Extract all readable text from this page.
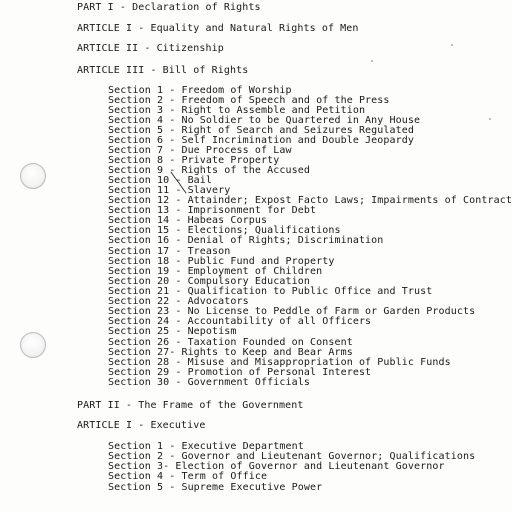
PART I - Declaration of Rights
ARTICLE I - Equality and Natural Rights of Men
ARTICLE II - Citizenship
ARTICLE III - Bill of Rights
Section 1 - Freedom of Worship
Section 2 - Freedom of Speech and of the Press
Section 3 - Right to Assemble and Petition
Section 4 - No Soldier to be Quartered in Any House
Section 5 - Right of Search and Seizures Regulated
Section 6 - Self Incrimination and Double Jeopardy
Section 7 - Due Process of Law
Section 8 - Private Property
Section 9 - Rights of the Accused
Section 10 - Bail
Section 11 - Slavery
Section 12 - Attainder; Expost Facto Laws; Impairments of Contract
Section 13 - Imprisonment for Debt
Section 14 - Habeas Corpus
Section 15 - Elections; Qualifications
Section 16 - Denial of Rights; Discrimination
Section 17 - Treason
Section 18 - Public Fund and Property
Section 19 - Employment of Children
Section 20 - Compulsory Education
Section 21 - Qualification to Public Office and Trust
Section 22 - Advocators
Section 23 - No License to Peddle of Farm or Garden Products
Section 24 - Accountability of all Officers
Section 25 - Nepotism
Section 26 - Taxation Founded on Consent
Section 27- Rights to Keep and Bear Arms
Section 28 - Misuse and Misappropriation of Public Funds
Section 29 - Promotion of Personal Interest
Section 30 - Government Officials
PART II - The Frame of the Government
ARTICLE I - Executive
Section 1 - Executive Department
Section 2 - Governor and Lieutenant Governor; Qualifications
Section 3- Election of Governor and Lieutenant Governor
Section 4 - Term of Office
Section 5 - Supreme Executive Power
